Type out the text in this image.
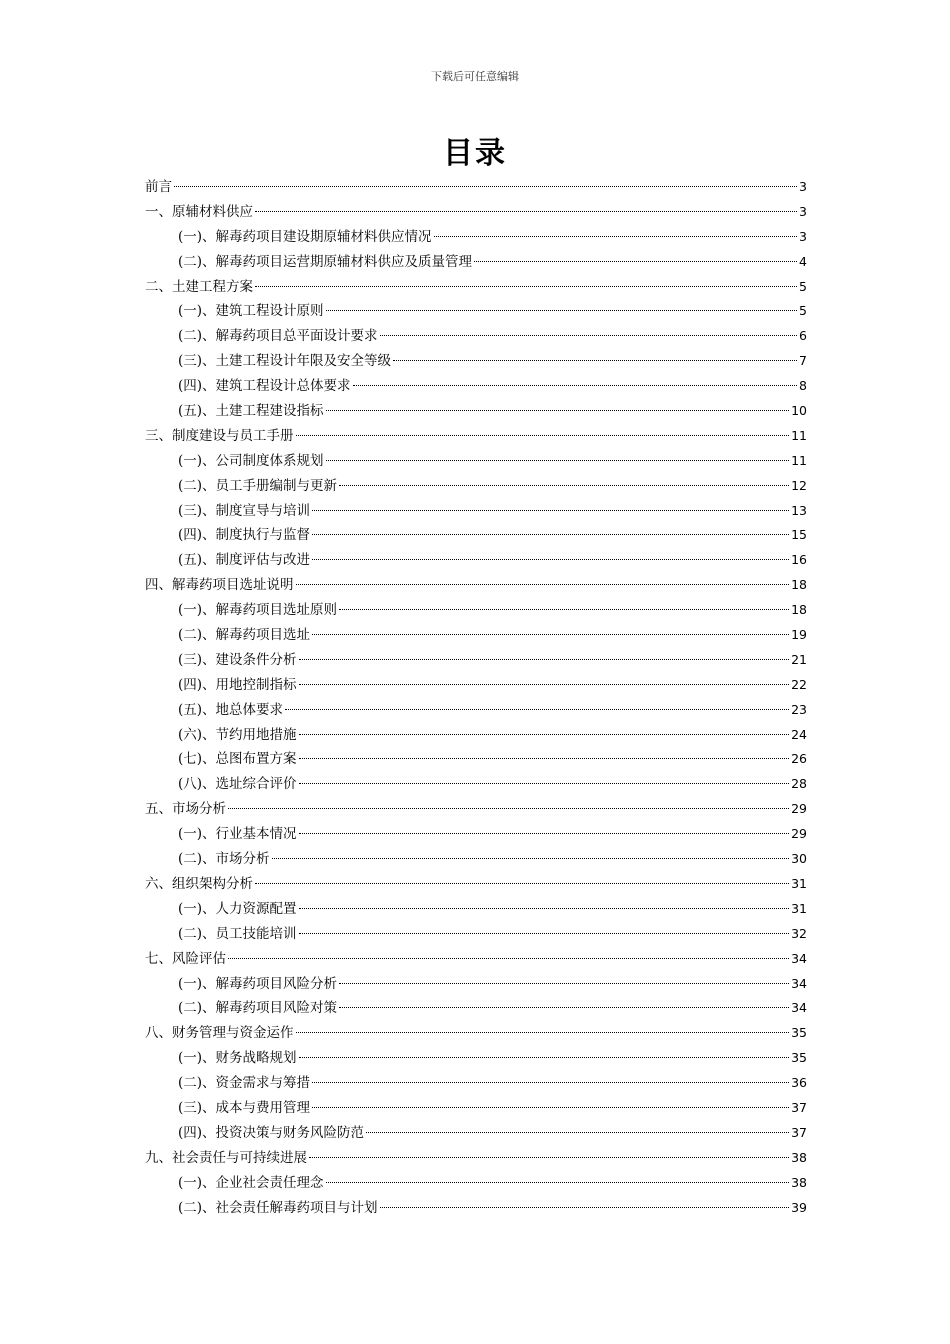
下载后可任意编辑
目录
前言	3
一、原辅材料供应	3
(一)、解毒药项目建设期原辅材料供应情况	3
(二)、解毒药项目运营期原辅材料供应及质量管理	4
二、土建工程方案	5
(一)、建筑工程设计原则	5
(二)、解毒药项目总平面设计要求	6
(三)、土建工程设计年限及安全等级	7
(四)、建筑工程设计总体要求	8
(五)、土建工程建设指标	10
三、制度建设与员工手册	11
(一)、公司制度体系规划	11
(二)、员工手册编制与更新	12
(三)、制度宣导与培训	13
(四)、制度执行与监督	15
(五)、制度评估与改进	16
四、解毒药项目选址说明	18
(一)、解毒药项目选址原则	18
(二)、解毒药项目选址	19
(三)、建设条件分析	21
(四)、用地控制指标	22
(五)、地总体要求	23
(六)、节约用地措施	24
(七)、总图布置方案	26
(八)、选址综合评价	28
五、市场分析	29
(一)、行业基本情况	29
(二)、市场分析	30
六、组织架构分析	31
(一)、人力资源配置	31
(二)、员工技能培训	32
七、风险评估	34
(一)、解毒药项目风险分析	34
(二)、解毒药项目风险对策	34
八、财务管理与资金运作	35
(一)、财务战略规划	35
(二)、资金需求与筹措	36
(三)、成本与费用管理	37
(四)、投资决策与财务风险防范	37
九、社会责任与可持续进展	38
(一)、企业社会责任理念	38
(二)、社会责任解毒药项目与计划	39
